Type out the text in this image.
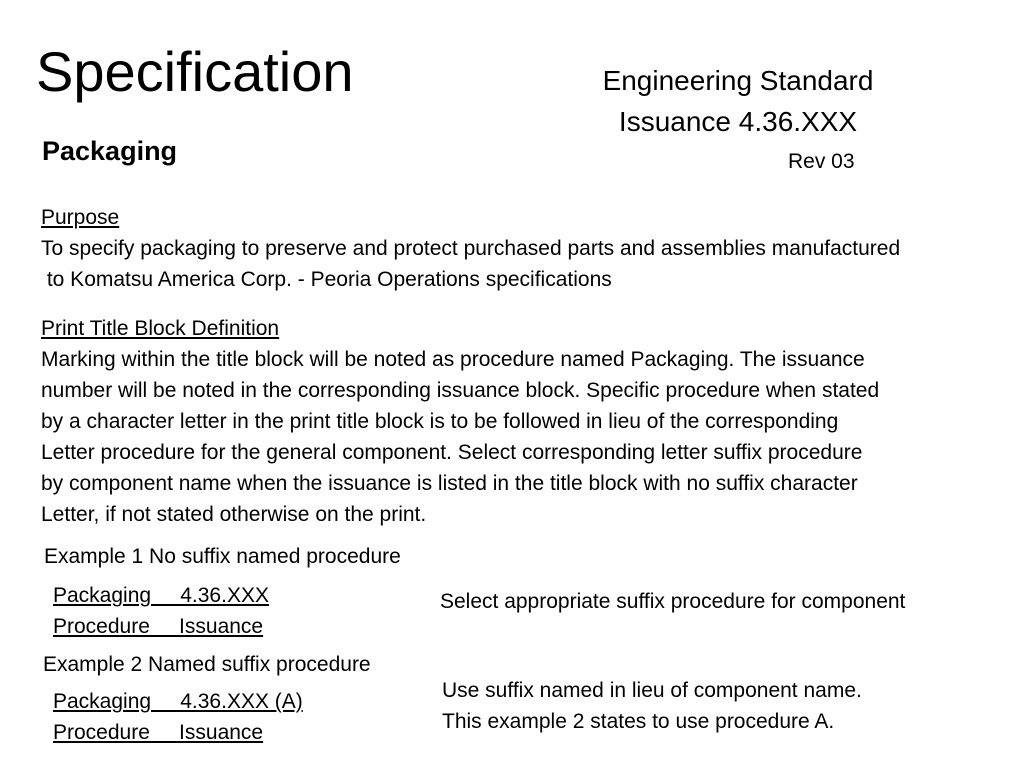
Specification	Engineering Standard
Issuance 4.36.XXX
Packaging	Rev 03
Purpose
To specify packaging to preserve and protect purchased parts and assemblies manufactured
to Komatsu America Corp. - Peoria Operations specifications
Print Title Block Definition
Marking within the title block will be noted as procedure named Packaging. The issuance
number will be noted in the corresponding issuance block. Specific procedure when stated
by a character letter in the print title block is to be followed in lieu of the corresponding
Letter procedure for the general component. Select corresponding letter suffix procedure
by component name when the issuance is listed in the title block with no suffix character
Letter, if not stated otherwise on the print.
Example 1 No suffix named procedure
Packaging     4.36.XXX
Procedure     Issuance
Select appropriate suffix procedure for component
Example 2 Named suffix procedure
Packaging     4.36.XXX (A)
Procedure     Issuance
Use suffix named in lieu of component name.
This example 2 states to use procedure A.
